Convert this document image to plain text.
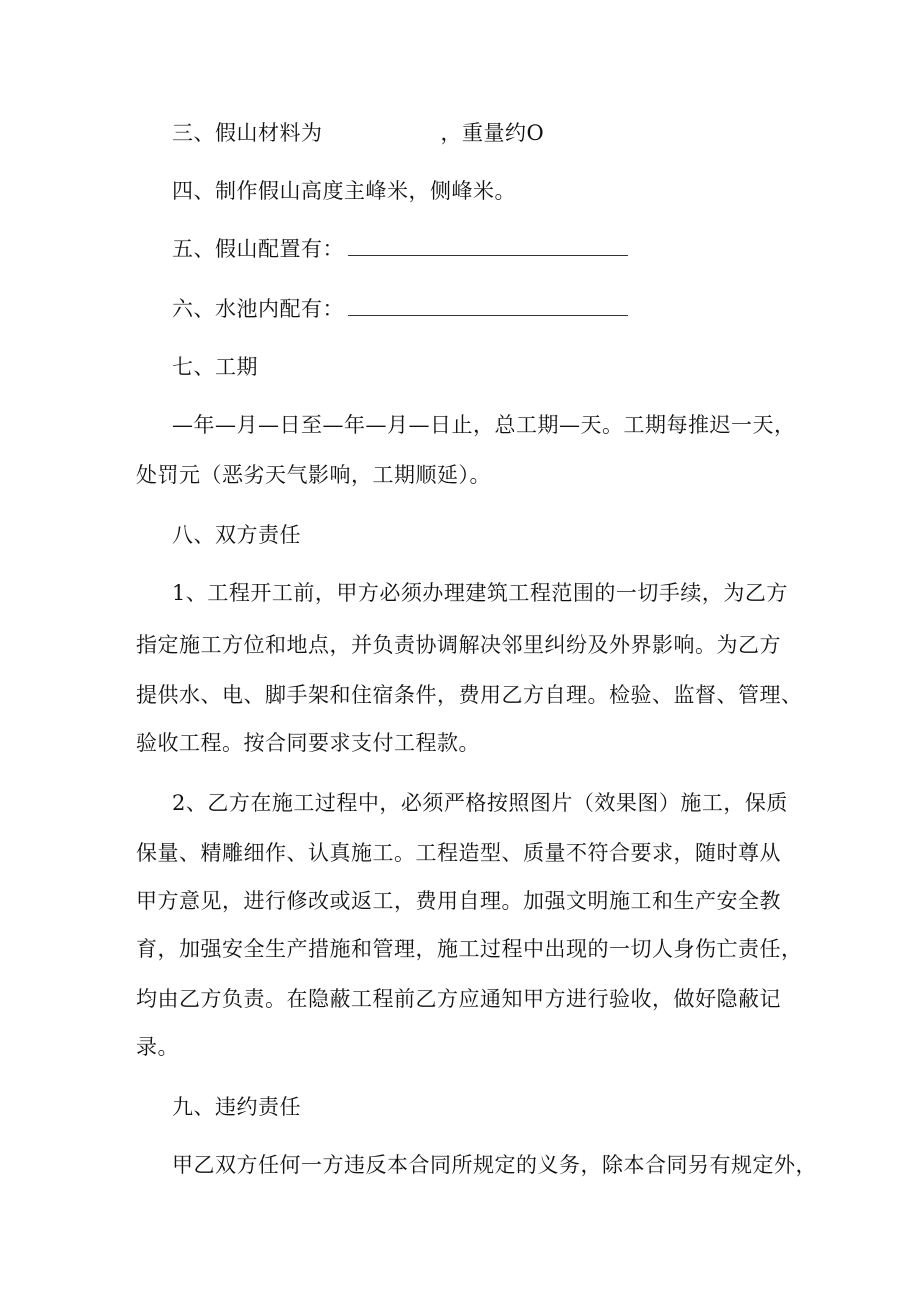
三、假山材料为	，重量约O
四、制作假山高度主峰米，侧峰米。
五、假山配置有：
六、水池内配有：
七、工期
—年—月—日至—年—月—日止，总工期—天。工期每推迟一天，
处罚元（恶劣天气影响，工期顺延）。
八、双方责任
1、工程开工前，甲方必须办理建筑工程范围的一切手续，为乙方
指定施工方位和地点，并负责协调解决邻里纠纷及外界影响。为乙方
提供水、电、脚手架和住宿条件，费用乙方自理。检验、监督、管理、
验收工程。按合同要求支付工程款。
2、乙方在施工过程中，必须严格按照图片（效果图）施工，保质
保量、精雕细作、认真施工。工程造型、质量不符合要求，随时尊从
甲方意见，进行修改或返工，费用自理。加强文明施工和生产安全教
育，加强安全生产措施和管理，施工过程中出现的一切人身伤亡责任，
均由乙方负责。在隐蔽工程前乙方应通知甲方进行验收，做好隐蔽记
录。
九、违约责任
甲乙双方任何一方违反本合同所规定的义务，除本合同另有规定外，
